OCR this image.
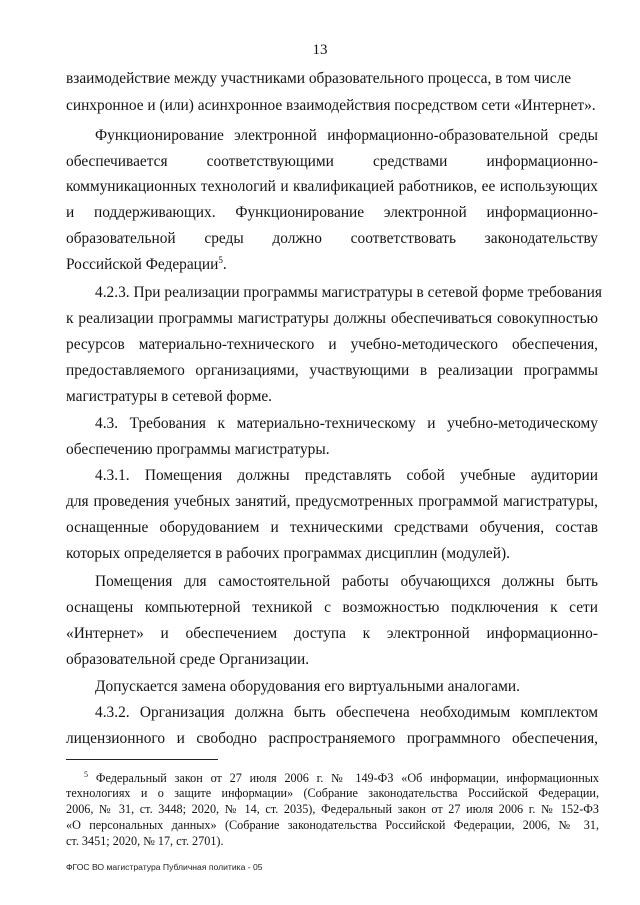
13
взаимодействие между участниками образовательного процесса, в том числе
синхронное и (или) асинхронное взаимодействия посредством сети «Интернет».
Функционирование электронной информационно-образовательной среды
обеспечивается соответствующими средствами информационно-
коммуникационных технологий и квалификацией работников, ее использующих
и поддерживающих. Функционирование электронной информационно-
образовательной среды должно соответствовать законодательству
Российской Федерации$^5$.
4.2.3. При реализации программы магистратуры в сетевой форме требования
к реализации программы магистратуры должны обеспечиваться совокупностью
ресурсов материально-технического и учебно-методического обеспечения,
предоставляемого организациями, участвующими в реализации программы
магистратуры в сетевой форме.
4.3. Требования к материально-техническому и учебно-методическому
обеспечению программы магистратуры.
4.3.1. Помещения должны представлять собой учебные аудитории
для проведения учебных занятий, предусмотренных программой магистратуры,
оснащенные оборудованием и техническими средствами обучения, состав
которых определяется в рабочих программах дисциплин (модулей).
Помещения для самостоятельной работы обучающихся должны быть
оснащены компьютерной техникой с возможностью подключения к сети
«Интернет» и обеспечением доступа к электронной информационно-
образовательной среде Организации.
Допускается замена оборудования его виртуальными аналогами.
4.3.2. Организация должна быть обеспечена необходимым комплектом
лицензионного и свободно распространяемого программного обеспечения,
$^5$ Федеральный закон от 27 июля 2006 г. № 149-ФЗ «Об информации, информационных
технологиях и о защите информации» (Собрание законодательства Российской Федерации,
2006, № 31, ст. 3448; 2020, № 14, ст. 2035), Федеральный закон от 27 июля 2006 г. № 152-ФЗ
«О персональных данных» (Собрание законодательства Российской Федерации, 2006, № 31,
ст. 3451; 2020, № 17, ст. 2701).
ФГОС ВО магистратура Публичная политика - 05
